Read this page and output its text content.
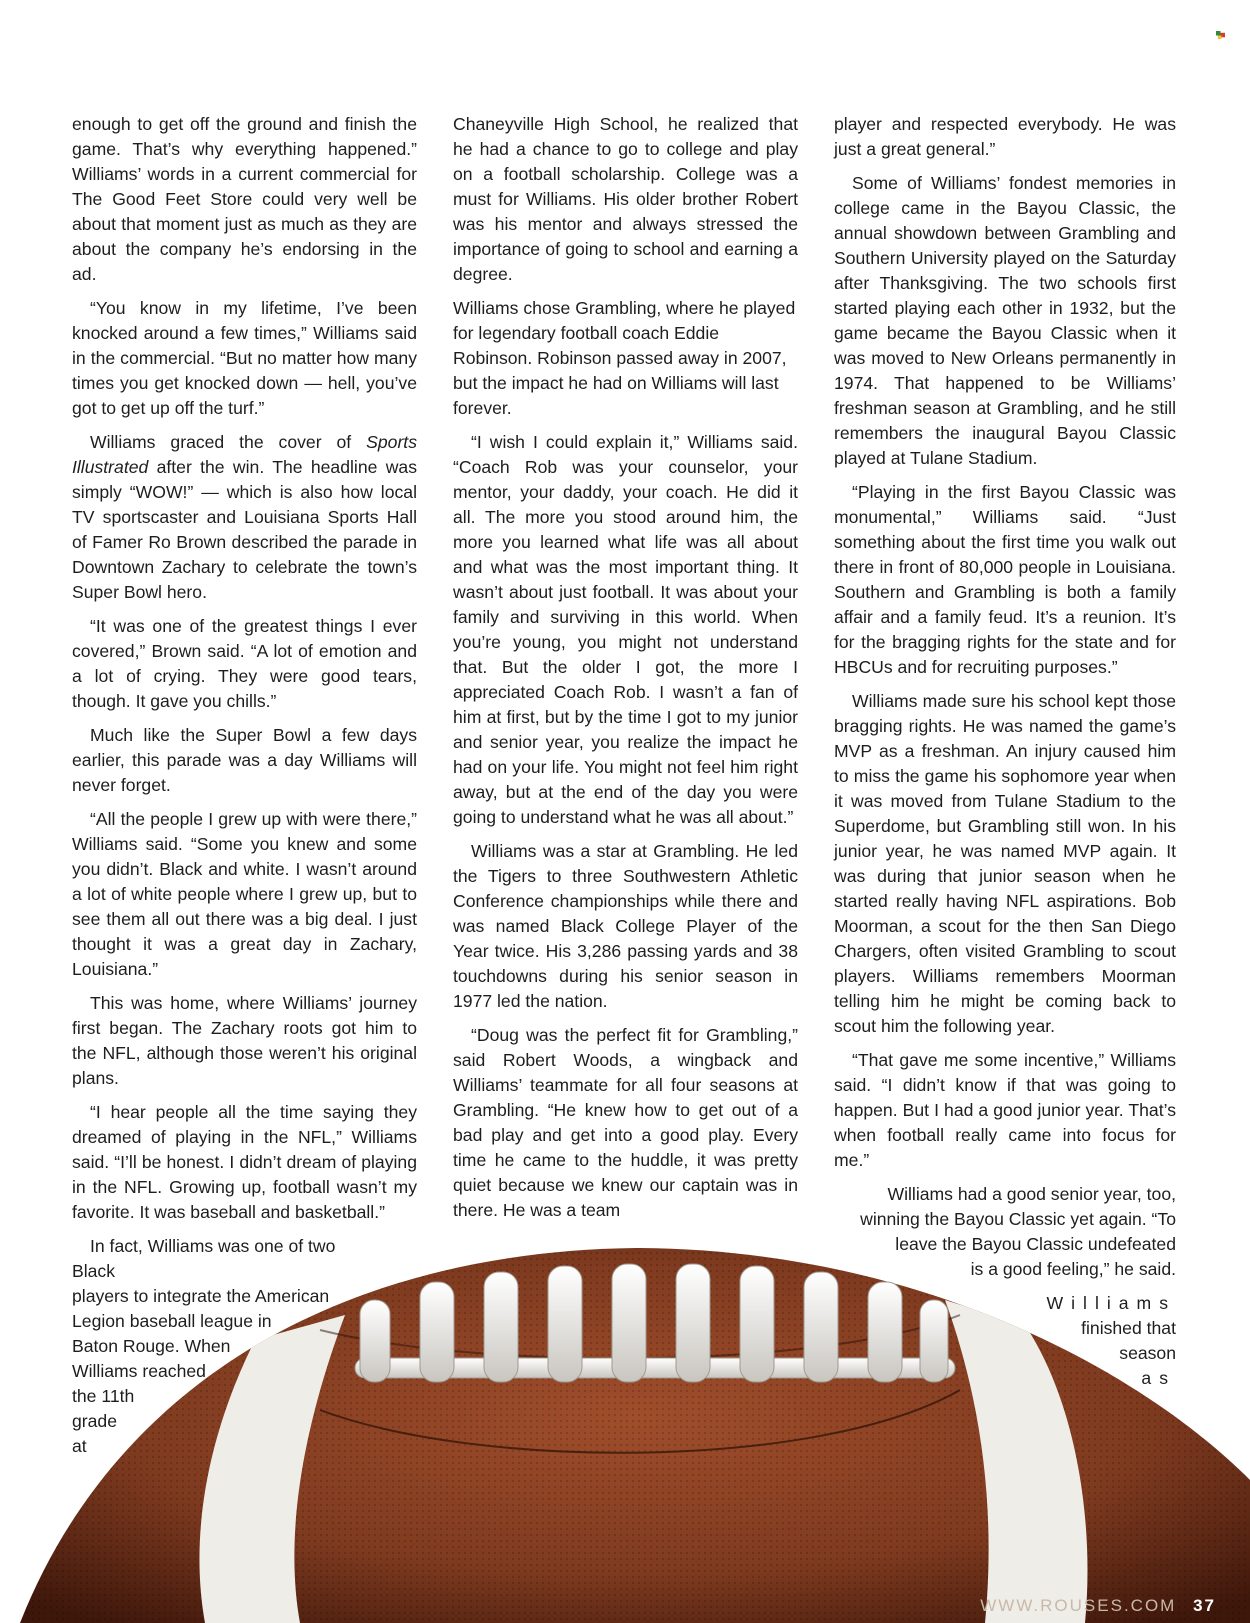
enough to get off the ground and finish the game. That’s why everything happened.” Williams’ words in a current commercial for The Good Feet Store could very well be about that moment just as much as they are about the company he’s endorsing in the ad.

“You know in my lifetime, I’ve been knocked around a few times,” Williams said in the commercial. “But no matter how many times you get knocked down — hell, you’ve got to get up off the turf.”

Williams graced the cover of Sports Illustrated after the win. The headline was simply “WOW!” — which is also how local TV sportscaster and Louisiana Sports Hall of Famer Ro Brown described the parade in Downtown Zachary to celebrate the town’s Super Bowl hero.

“It was one of the greatest things I ever covered,” Brown said. “A lot of emotion and a lot of crying. They were good tears, though. It gave you chills.”

Much like the Super Bowl a few days earlier, this parade was a day Williams will never forget.

“All the people I grew up with were there,” Williams said. “Some you knew and some you didn’t. Black and white. I wasn’t around a lot of white people where I grew up, but to see them all out there was a big deal. I just thought it was a great day in Zachary, Louisiana.”

This was home, where Williams’ journey first began. The Zachary roots got him to the NFL, although those weren’t his original plans.

“I hear people all the time saying they dreamed of playing in the NFL,” Williams said. “I’ll be honest. I didn’t dream of playing in the NFL. Growing up, football wasn’t my favorite. It was baseball and basketball.”

In fact, Williams was one of two Black
players to integrate the American
Legion baseball league in
Baton Rouge. When
Williams reached
the 11th
grade
at

Chaneyville High School, he realized that he had a chance to go to college and play on a football scholarship. College was a must for Williams. His older brother Robert was his mentor and always stressed the importance of going to school and earning a degree.

Williams chose Grambling, where he played for legendary football coach Eddie Robinson. Robinson passed away in 2007, but the impact he had on Williams will last forever.

“I wish I could explain it,” Williams said. “Coach Rob was your counselor, your mentor, your daddy, your coach. He did it all. The more you stood around him, the more you learned what life was all about and what was the most important thing. It wasn’t about just football. It was about your family and surviving in this world. When you’re young, you might not understand that. But the older I got, the more I appreciated Coach Rob. I wasn’t a fan of him at first, but by the time I got to my junior and senior year, you realize the impact he had on your life. You might not feel him right away, but at the end of the day you were going to understand what he was all about.”

Williams was a star at Grambling. He led the Tigers to three Southwestern Athletic Conference championships while there and was named Black College Player of the Year twice. His 3,286 passing yards and 38 touchdowns during his senior season in 1977 led the nation.

“Doug was the perfect fit for Grambling,” said Robert Woods, a wingback and Williams’ teammate for all four seasons at Grambling. “He knew how to get out of a bad play and get into a good play. Every time he came to the huddle, it was pretty quiet because we knew our captain was in there. He was a team

player and respected everybody. He was just a great general.”

Some of Williams’ fondest memories in college came in the Bayou Classic, the annual showdown between Grambling and Southern University played on the Saturday after Thanksgiving. The two schools first started playing each other in 1932, but the game became the Bayou Classic when it was moved to New Orleans permanently in 1974. That happened to be Williams’ freshman season at Grambling, and he still remembers the inaugural Bayou Classic played at Tulane Stadium.

“Playing in the first Bayou Classic was monumental,” Williams said. “Just something about the first time you walk out there in front of 80,000 people in Louisiana. Southern and Grambling is both a family affair and a family feud. It’s a reunion. It’s for the bragging rights for the state and for HBCUs and for recruiting purposes.”

Williams made sure his school kept those bragging rights. He was named the game’s MVP as a freshman. An injury caused him to miss the game his sophomore year when it was moved from Tulane Stadium to the Superdome, but Grambling still won. In his junior year, he was named MVP again. It was during that junior season when he started really having NFL aspirations. Bob Moorman, a scout for the then San Diego Chargers, often visited Grambling to scout players. Williams remembers Moorman telling him he might be coming back to scout him the following year.

“That gave me some incentive,” Williams said. “I didn’t know if that was going to happen. But I had a good junior year. That’s when football really came into focus for me.”

Williams had a good senior year, too,
winning the Bayou Classic yet again. “To
leave the Bayou Classic undefeated
is a good feeling,” he said.

Williams
finished that
season
as

WWW.ROUSES.COM 37
